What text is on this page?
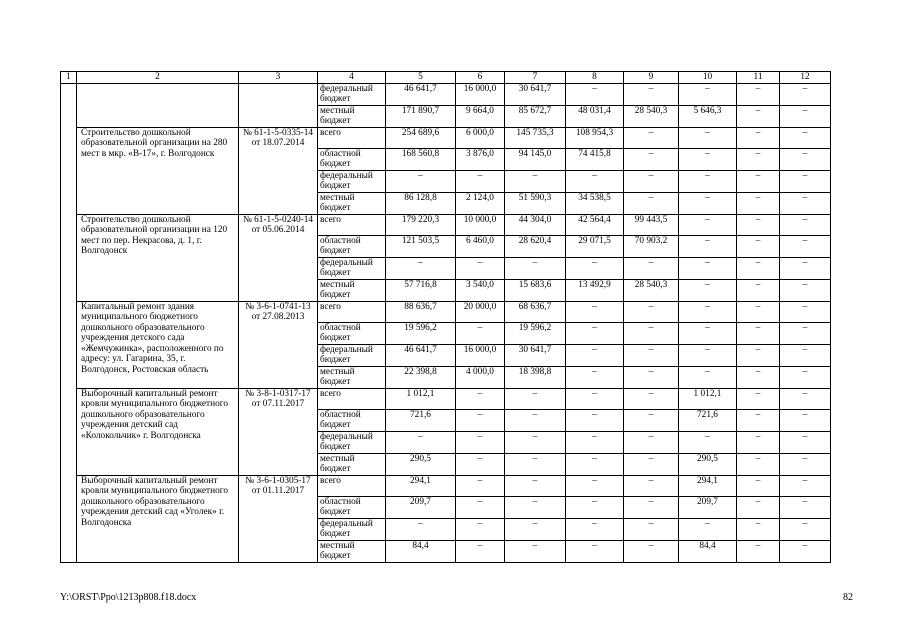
1	2	3	4	5	6	7	8	9	10	11	12
			федеральный бюджет	46 641,7	16 000,0	30 641,7	–	–	–	–	–
			местный бюджет	171 890,7	9 664,0	85 672,7	48 031,4	28 540,3	5 646,3	–	–
	Строительство дошкольной образовательной организации на 280 мест в мкр. «В-17», г. Волгодонск	№ 61-1-5-0335-14 от 18.07.2014	всего	254 689,6	6 000,0	145 735,3	108 954,3	–	–	–	–
			областной бюджет	168 560,8	3 876,0	94 145,0	74 415,8	–	–	–	–
			федеральный бюджет	–	–	–	–	–	–	–	–
			местный бюджет	86 128,8	2 124,0	51 590,3	34 538,5	–	–	–	–
	Строительство дошкольной образовательной организации на 120 мест по пер. Некрасова, д. 1, г. Волгодонск	№ 61-1-5-0240-14 от 05.06.2014	всего	179 220,3	10 000,0	44 304,0	42 564,4	99 443,5	–	–	–
			областной бюджет	121 503,5	6 460,0	28 620,4	29 071,5	70 903,2	–	–	–
			федеральный бюджет	–	–	–	–	–	–	–	–
			местный бюджет	57 716,8	3 540,0	15 683,6	13 492,9	28 540,3	–	–	–
	Капитальный ремонт здания муниципального бюджетного дошкольного образовательного учреждения детского сада «Жемчужинка», расположенного по адресу: ул. Гагарина, 35, г. Волгодонск, Ростовская область	№ 3-6-1-0741-13 от 27.08.2013	всего	88 636,7	20 000,0	68 636,7	–	–	–	–	–
			областной бюджет	19 596,2	–	19 596,2	–	–	–	–	–
			федеральный бюджет	46 641,7	16 000,0	30 641,7	–	–	–	–	–
			местный бюджет	22 398,8	4 000,0	18 398,8	–	–	–	–	–
	Выборочный капитальный ремонт кровли муниципального бюджетного дошкольного образовательного учреждения детский сад «Колокольчик» г. Волгодонска	№ 3-8-1-0317-17 от 07.11.2017	всего	1 012,1	–	–	–	–	1 012,1	–	–
			областной бюджет	721,6	–	–	–	–	721,6	–	–
			федеральный бюджет	–	–	–	–	–	–	–	–
			местный бюджет	290,5	–	–	–	–	290,5	–	–
	Выборочный капитальный ремонт кровли муниципального бюджетного дошкольного образовательного учреждения детский сад «Уголек» г. Волгодонска	№ 3-6-1-0305-17 от 01.11.2017	всего	294,1	–	–	–	–	294,1	–	–
			областной бюджет	209,7	–	–	–	–	209,7	–	–
			федеральный бюджет	–	–	–	–	–	–	–	–
			местный бюджет	84,4	–	–	–	–	84,4	–	–
Y:\ORST\Ppo\1213p808.f18.docx	82
